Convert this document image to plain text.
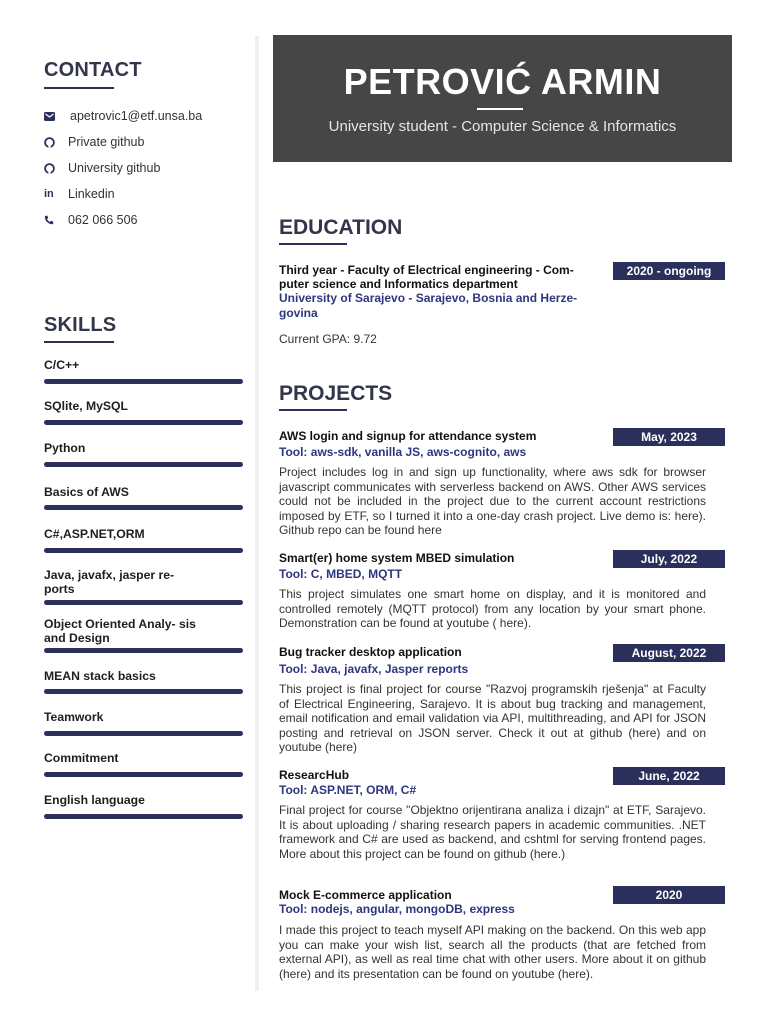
CONTACT
apetrovic1@etf.unsa.ba
Private github
University github
in	Linkedin
062 066 506
SKILLS
C/C++
SQlite, MySQL
Python
Basics of AWS
C#,ASP.NET,ORM
Java, javafx, jasper re- ports
Object Oriented Analy- sis and Design
MEAN stack basics
Teamwork
Commitment
English language
PETROVIĆ ARMIN
University student - Computer Science & Informatics
EDUCATION
Third year - Faculty of Electrical engineering - Com- puter science and Informatics department
2020 - ongoing
University of Sarajevo - Sarajevo, Bosnia and Herze- govina
Current GPA: 9.72
PROJECTS
AWS login and signup for attendance system	May, 2023
Tool: aws-sdk, vanilla JS, aws-cognito, aws
Project includes log in and sign up functionality, where aws sdk for browser javascript communicates with serverless backend on AWS. Other AWS services could not be included in the project due to the current account restrictions imposed by ETF, so I turned it into a one-day crash project. Live demo is: here). Github repo can be found here
Smart(er) home system MBED simulation	July, 2022
Tool: C, MBED, MQTT
This project simulates one smart home on display, and it is monitored and controlled remotely (MQTT protocol) from any location by your smart phone. Demonstration can be found at youtube ( here).
Bug tracker desktop application	August, 2022
Tool: Java, javafx, Jasper reports
This project is final project for course "Razvoj programskih rješenja" at Faculty of Electrical Engineering, Sarajevo. It is about bug tracking and management, email notification and email validation via API, multithreading, and API for JSON posting and retrieval on JSON server. Check it out at github (here) and on youtube (here)
ResearcHub	June, 2022
Tool: ASP.NET, ORM, C#
Final project for course "Objektno orijentirana analiza i dizajn" at ETF, Sarajevo. It is about uploading / sharing research papers in academic communities. .NET framework and C# are used as backend, and cshtml for serving frontend pages. More about this project can be found on github (here.)
Mock E-commerce application	2020
Tool: nodejs, angular, mongoDB, express
I made this project to teach myself API making on the backend. On this web app you can make your wish list, search all the products (that are fetched from external API), as well as real time chat with other users. More about it on github (here) and its presentation can be found on youtube (here).
